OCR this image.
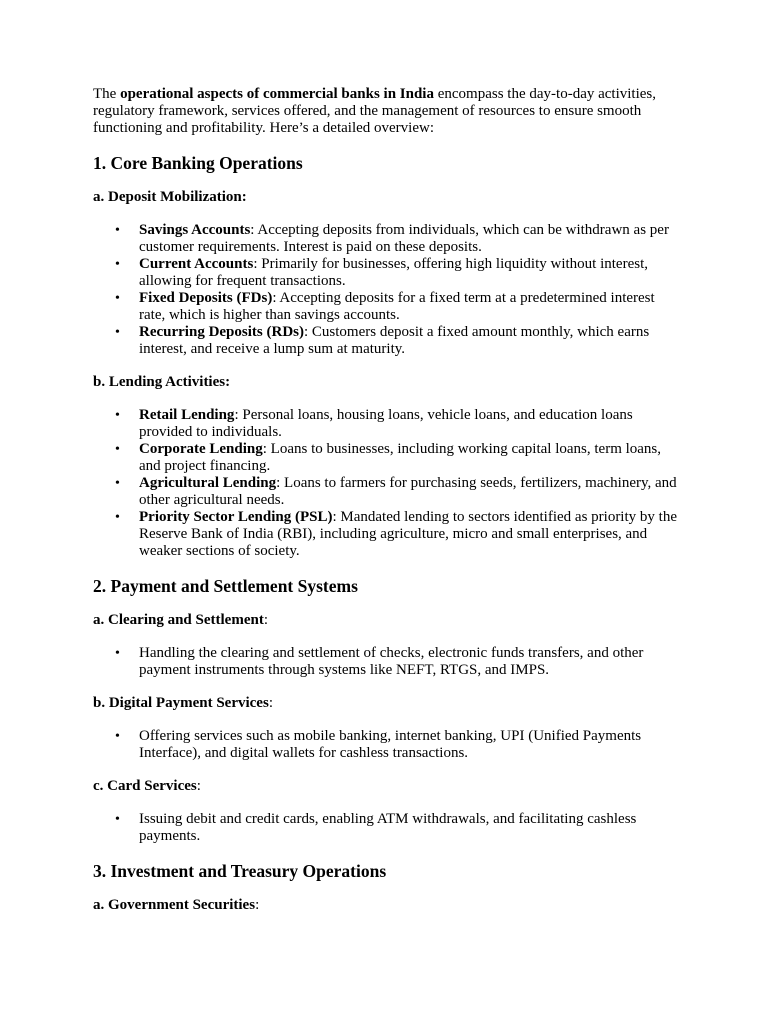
The operational aspects of commercial banks in India encompass the day-to-day activities, regulatory framework, services offered, and the management of resources to ensure smooth functioning and profitability. Here’s a detailed overview:

1. Core Banking Operations
a. Deposit Mobilization:
•	Savings Accounts: Accepting deposits from individuals, which can be withdrawn as per customer requirements. Interest is paid on these deposits.
•	Current Accounts: Primarily for businesses, offering high liquidity without interest, allowing for frequent transactions.
•	Fixed Deposits (FDs): Accepting deposits for a fixed term at a predetermined interest rate, which is higher than savings accounts.
•	Recurring Deposits (RDs): Customers deposit a fixed amount monthly, which earns interest, and receive a lump sum at maturity.
b. Lending Activities:
•	Retail Lending: Personal loans, housing loans, vehicle loans, and education loans provided to individuals.
•	Corporate Lending: Loans to businesses, including working capital loans, term loans, and project financing.
•	Agricultural Lending: Loans to farmers for purchasing seeds, fertilizers, machinery, and other agricultural needs.
•	Priority Sector Lending (PSL): Mandated lending to sectors identified as priority by the Reserve Bank of India (RBI), including agriculture, micro and small enterprises, and weaker sections of society.
2. Payment and Settlement Systems
a. Clearing and Settlement:
•	Handling the clearing and settlement of checks, electronic funds transfers, and other payment instruments through systems like NEFT, RTGS, and IMPS.
b. Digital Payment Services:
•	Offering services such as mobile banking, internet banking, UPI (Unified Payments Interface), and digital wallets for cashless transactions.
c. Card Services:
•	Issuing debit and credit cards, enabling ATM withdrawals, and facilitating cashless payments.
3. Investment and Treasury Operations
a. Government Securities:
